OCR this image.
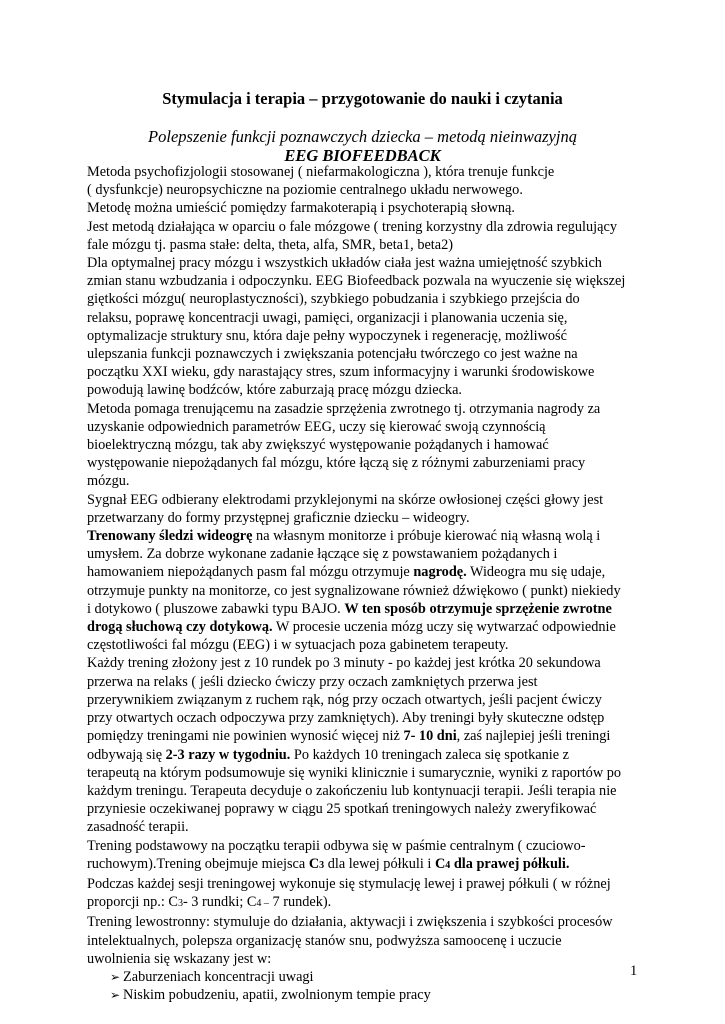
Stymulacja i terapia – przygotowanie do nauki i czytania
Polepszenie funkcji poznawczych dziecka – metodą nieinwazyjną
EEG BIOFEEDBACK

Metoda psychofizjologii stosowanej ( niefarmakologiczna ), która trenuje funkcje

( dysfunkcje) neuropsychiczne na poziomie centralnego układu nerwowego.

Metodę można umieścić pomiędzy farmakoterapią i psychoterapią słowną.

Jest metodą działająca w oparciu o fale mózgowe ( trening korzystny dla zdrowia regulujący

fale mózgu tj. pasma stałe: delta, theta, alfa, SMR, beta1, beta2)

Dla optymalnej pracy mózgu i wszystkich układów ciała jest ważna umiejętność szybkich

zmian stanu wzbudzania i odpoczynku. EEG Biofeedback pozwala na wyuczenie się większej

giętkości mózgu( neuroplastyczności), szybkiego pobudzania i szybkiego przejścia do

relaksu, poprawę koncentracji uwagi, pamięci, organizacji i planowania uczenia się,

optymalizacje struktury snu, która daje pełny wypoczynek i regenerację, możliwość

ulepszania funkcji poznawczych i zwiększania potencjału twórczego co jest ważne na

początku XXI wieku, gdy narastający stres, szum informacyjny i warunki środowiskowe

powodują lawinę bodźców, które zaburzają pracę mózgu dziecka.

Metoda pomaga trenującemu na zasadzie sprzężenia zwrotnego tj. otrzymania nagrody za

uzyskanie odpowiednich parametrów EEG, uczy się kierować swoją czynnością

bioelektryczną mózgu, tak aby zwiększyć występowanie pożądanych i hamować

występowanie niepożądanych fal mózgu, które łączą się z różnymi zaburzeniami pracy

mózgu.

Sygnał EEG odbierany elektrodami przyklejonymi na skórze owłosionej części głowy jest

przetwarzany do formy przystępnej graficznie dziecku – wideogry.

Trenowany śledzi wideogrę na własnym monitorze i próbuje kierować nią własną wolą i

umysłem. Za dobrze wykonane zadanie łączące się z powstawaniem pożądanych i

hamowaniem niepożądanych pasm fal mózgu otrzymuje nagrodę. Wideogra mu się udaje,

otrzymuje punkty na monitorze, co jest sygnalizowane również dźwiękowo ( punkt) niekiedy

i dotykowo ( pluszowe zabawki typu BAJO. W ten sposób otrzymuje sprzężenie zwrotne

drogą słuchową czy dotykową. W procesie uczenia mózg uczy się wytwarzać odpowiednie

częstotliwości fal mózgu (EEG) i w sytuacjach poza gabinetem terapeuty.

Każdy trening złożony jest z 10 rundek po 3 minuty - po każdej jest krótka 20 sekundowa

przerwa na relaks ( jeśli dziecko ćwiczy przy oczach zamkniętych przerwa jest

przerywnikiem związanym z ruchem rąk, nóg przy oczach otwartych, jeśli pacjent ćwiczy

przy otwartych oczach odpoczywa przy zamkniętych). Aby treningi były skuteczne odstęp

pomiędzy treningami nie powinien wynosić więcej niż 7- 10 dni, zaś najlepiej jeśli treningi

odbywają się 2-3 razy w tygodniu. Po każdych 10 treningach zaleca się spotkanie z

terapeutą na którym podsumowuje się wyniki klinicznie i sumarycznie, wyniki z raportów po

każdym treningu. Terapeuta decyduje o zakończeniu lub kontynuacji terapii. Jeśli terapia nie

przyniesie oczekiwanej poprawy w ciągu 25 spotkań treningowych należy zweryfikować

zasadność terapii.

Trening podstawowy na początku terapii odbywa się w paśmie centralnym ( czuciowo-

ruchowym).Trening obejmuje miejsca C3 dla lewej półkuli i C4 dla prawej półkuli.

Podczas każdej sesji treningowej wykonuje się stymulację lewej i prawej półkuli ( w różnej

proporcji np.: C3- 3 rundki; C4 – 7 rundek).

Trening lewostronny: stymuluje do działania, aktywacji i zwiększenia i szybkości procesów

intelektualnych, polepsza organizację stanów snu, podwyższa samoocenę i uczucie

uwolnienia się wskazany jest w:

➢ Zaburzeniach koncentracji uwagi
➢ Niskim pobudzeniu, apatii, zwolnionym tempie pracy
1
